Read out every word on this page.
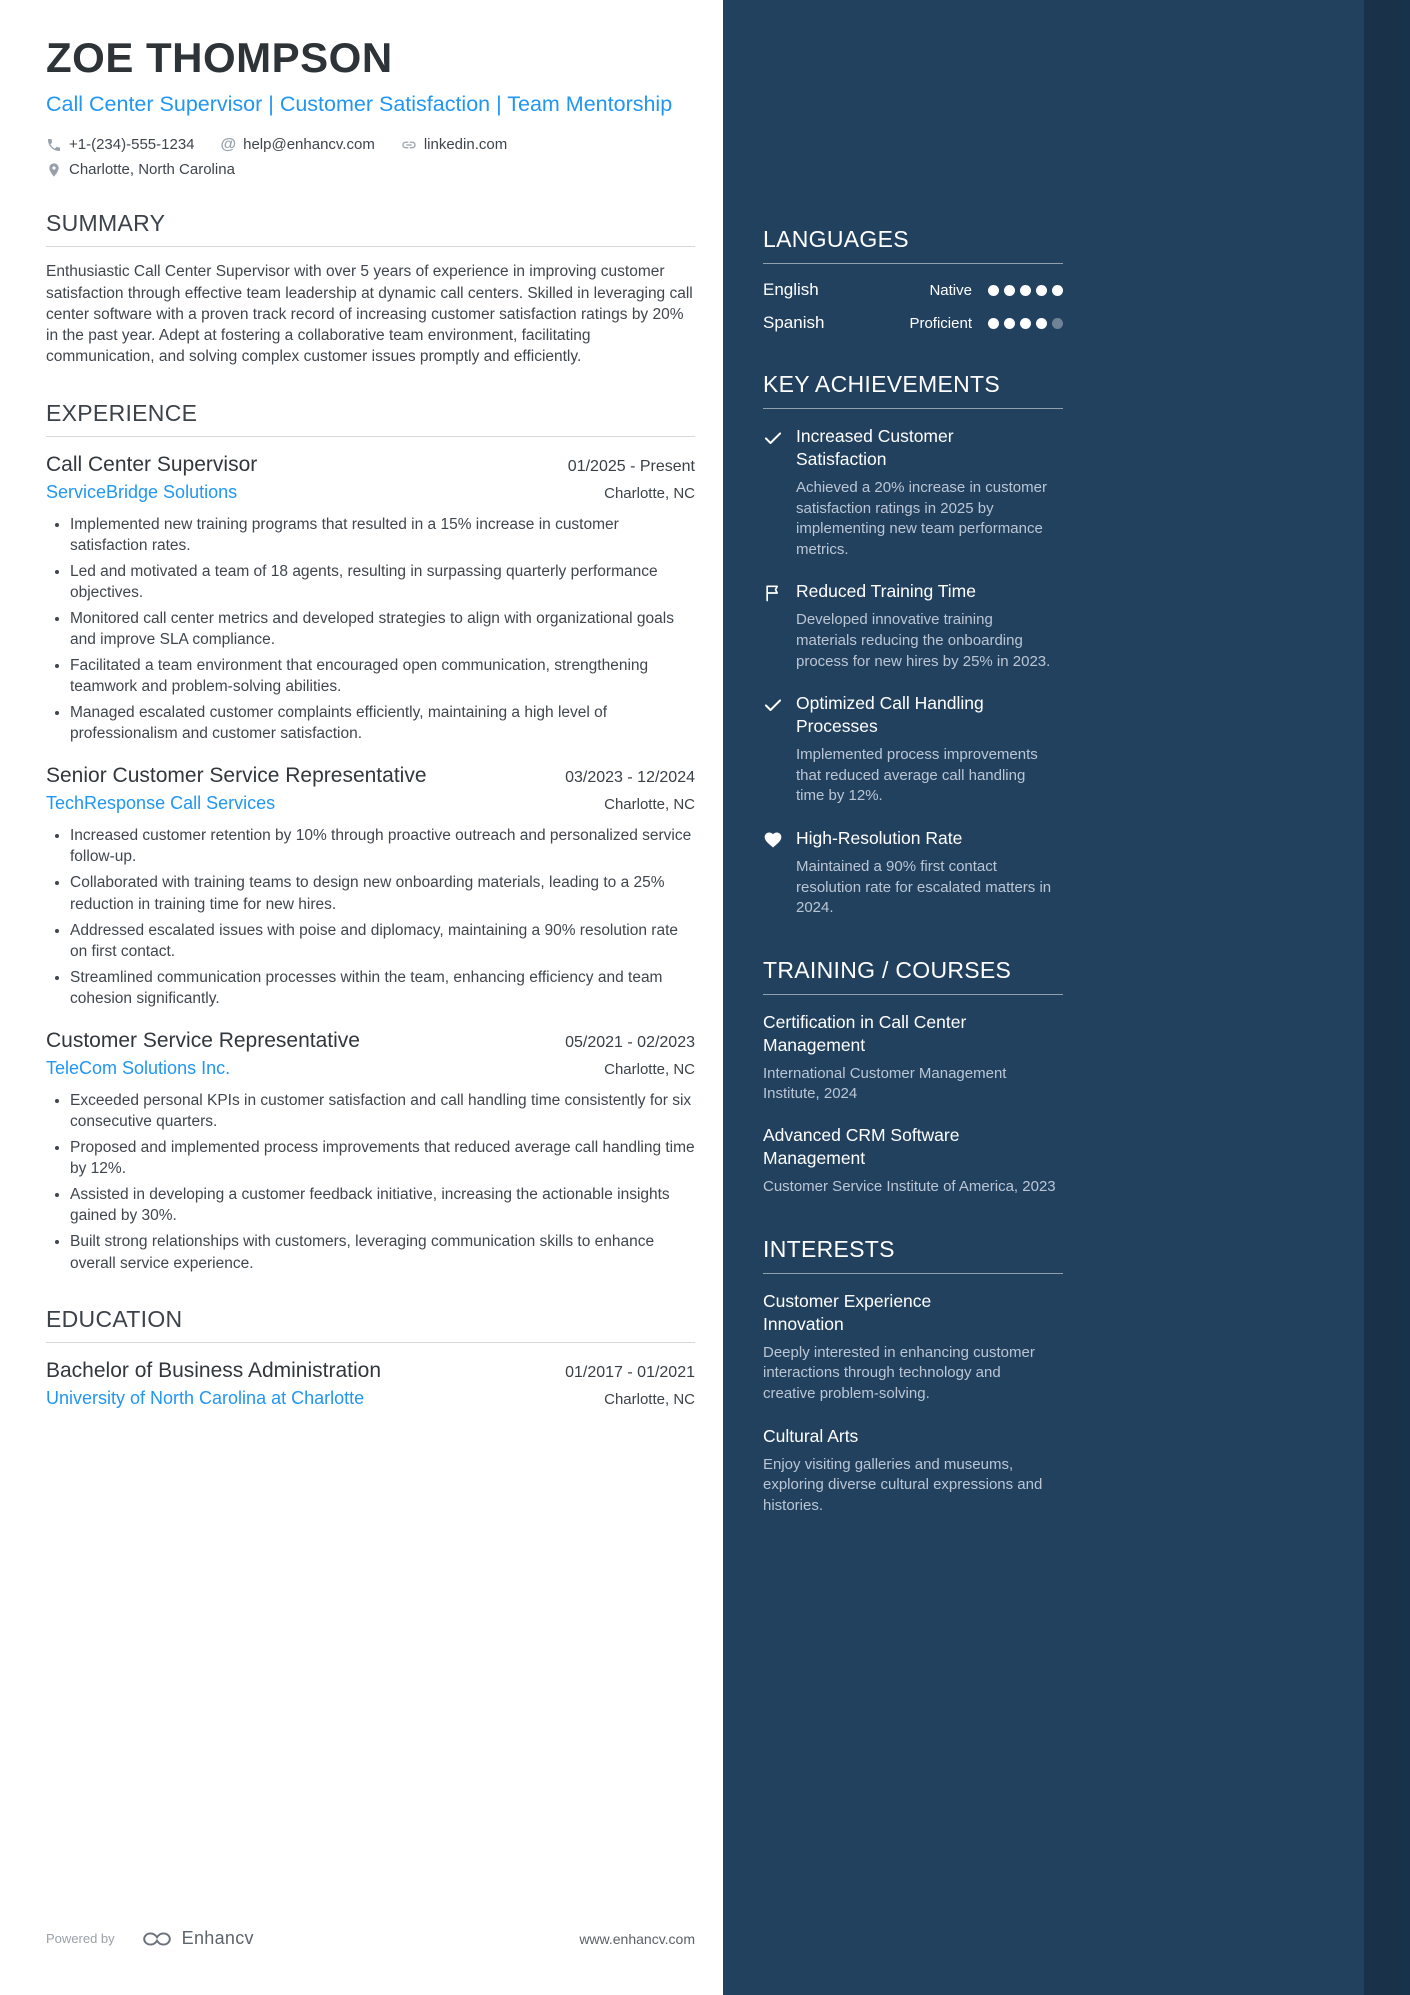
ZOE THOMPSON
Call Center Supervisor | Customer Satisfaction | Team Mentorship
+1-(234)-555-1234 @ help@enhancv.com	linkedin.com
Charlotte, North Carolina
SUMMARY

Enthusiastic Call Center Supervisor with over 5 years of experience in improving customer satisfaction through effective team leadership at dynamic call centers. Skilled in leveraging call center software with a proven track record of increasing customer satisfaction ratings by 20% in the past year. Adept at fostering a collaborative team environment, facilitating communication, and solving complex customer issues promptly and efficiently.

EXPERIENCE
Call Center Supervisor	01/2025 - Present
ServiceBridge Solutions	Charlotte, NC
• Implemented new training programs that resulted in a 15% increase in customer satisfaction rates.
• Led and motivated a team of 18 agents, resulting in surpassing quarterly performance objectives.
• Monitored call center metrics and developed strategies to align with organizational goals and improve SLA compliance.
• Facilitated a team environment that encouraged open communication, strengthening teamwork and problem-solving abilities.
• Managed escalated customer complaints efficiently, maintaining a high level of professionalism and customer satisfaction.
Senior Customer Service Representative	03/2023 - 12/2024
TechResponse Call Services	Charlotte, NC
• Increased customer retention by 10% through proactive outreach and personalized service follow-up.
• Collaborated with training teams to design new onboarding materials, leading to a 25% reduction in training time for new hires.
• Addressed escalated issues with poise and diplomacy, maintaining a 90% resolution rate on first contact.
• Streamlined communication processes within the team, enhancing efficiency and team cohesion significantly.
Customer Service Representative	05/2021 - 02/2023
TeleCom Solutions Inc.	Charlotte, NC
• Exceeded personal KPIs in customer satisfaction and call handling time consistently for six consecutive quarters.
• Proposed and implemented process improvements that reduced average call handling time by 12%.
• Assisted in developing a customer feedback initiative, increasing the actionable insights gained by 30%.
• Built strong relationships with customers, leveraging communication skills to enhance overall service experience.
EDUCATION
Bachelor of Business Administration	01/2017 - 01/2021
University of North Carolina at Charlotte	Charlotte, NC
Powered by	Enhancv	www.enhancv.com
LANGUAGES
English	Native
Spanish	Proficient
KEY ACHIEVEMENTS

Increased Customer Satisfaction

Achieved a 20% increase in customer satisfaction ratings in 2025 by implementing new team performance metrics.

Reduced Training Time

Developed innovative training materials reducing the onboarding process for new hires by 25% in 2023.

Optimized Call Handling Processes

Implemented process improvements that reduced average call handling time by 12%.

High-Resolution Rate

Maintained a 90% first contact resolution rate for escalated matters in 2024.

TRAINING / COURSES

Certification in Call Center Management

International Customer Management Institute, 2024

Advanced CRM Software Management

Customer Service Institute of America, 2023

INTERESTS

Customer Experience Innovation

Deeply interested in enhancing customer interactions through technology and creative problem-solving.

Cultural Arts

Enjoy visiting galleries and museums, exploring diverse cultural expressions and histories.
